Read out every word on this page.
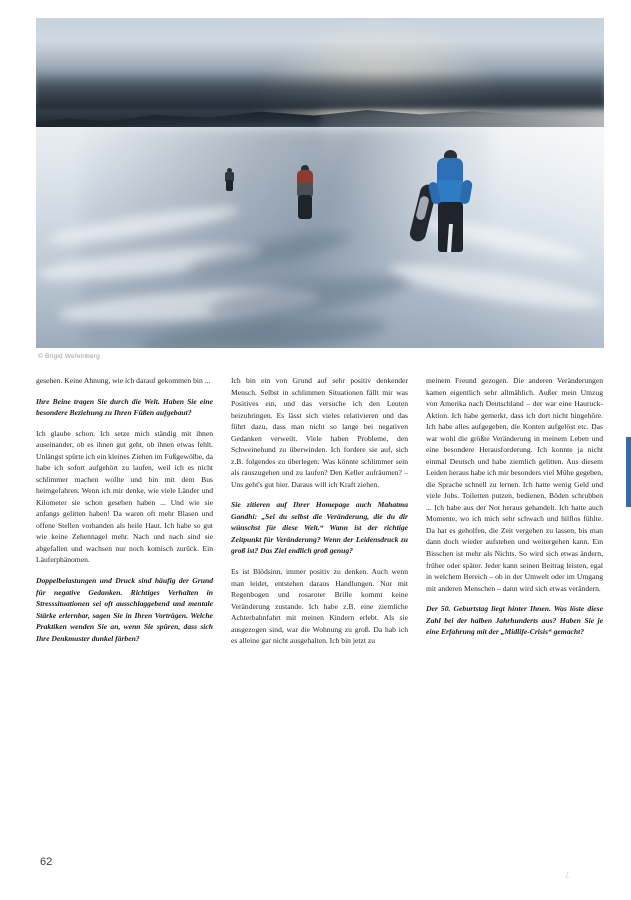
© Brigid Wefelnberg

gesehen. Keine Ahnung, wie ich darauf gekommen bin ...

Ihre Beine tragen Sie durch die Welt. Haben Sie eine besondere Beziehung zu Ihren Füßen aufgebaut?

Ich glaube schon. Ich setze mich ständig mit ihnen auseinander, ob es ihnen gut geht, ob ihnen etwas fehlt. Unlängst spürte ich ein kleines Ziehen im Fußgewölbe, da habe ich sofort aufgehört zu laufen, weil ich es nicht schlimmer machen wollte und bin mit dem Bus heimgefahren. Wenn ich mir denke, wie viele Länder und Kilometer sie schon gesehen haben ... Und wie sie anfangs gelitten haben! Da waren oft mehr Blasen und offene Stellen vorhanden als heile Haut. Ich habe so gut wie keine Zehennagel mehr. Nach und nach sind sie abgefallen und wachsen nur noch komisch zurück. Ein Läuferphänomen.

Doppelbelastungen und Druck sind häufig der Grund für negative Gedanken. Richtiges Verhalten in Stresssituationen sei oft ausschlaggebend und mentale Stärke erlernbar, sagen Sie in Ihren Vorträgen. Welche Praktiken wenden Sie an, wenn Sie spüren, dass sich Ihre Denkmuster dunkel färben?

Ich bin ein von Grund auf sehr positiv denkender Mensch. Selbst in schlimmen Situationen fällt mir was Positives ein, und das versuche ich den Leuten beizubringen. Es lässt sich vieles relativieren und das führt dazu, dass man nicht so lange bei negativen Gedanken verweilt. Viele haben Probleme, den Schweinehund zu überwinden. Ich fordere sie auf, sich z.B. folgendes zu überlegen: Was könnte schlimmer sein als rauszugehen und zu laufen? Den Keller aufräumen? – Uns geht's gut hier. Daraus will ich Kraft ziehen.

Sie zitieren auf Ihrer Homepage auch Mahatma Gandhi: „Sei du selbst die Veränderung, die du dir wünschst für diese Welt.“ Wann ist der richtige Zeitpunkt für Veränderung? Wenn der Leidensdruck zu groß ist? Das Ziel endlich groß genug?

Es ist Blödsinn, immer positiv zu denken. Auch wenn man leidet, entstehen daraus Handlungen. Nur mit Regenbogen und rosaroter Brille kommt keine Veränderung zustande. Ich habe z.B. eine ziemliche Achterbahnfahrt mit meinen Kindern erlebt. Als sie ausgezogen sind, war die Wohnung zu groß. Da hab ich es alleine gar nicht ausgehalten. Ich bin jetzt zu

meinem Freund gezogen. Die anderen Veränderungen kamen eigentlich sehr allmählich. Außer mein Umzug von Amerika nach Deutschland – der war eine Hauruck-Aktion. Ich habe gemerkt, dass ich dort nicht hingehöre. Ich habe alles aufgegeben, die Konten aufgelöst etc. Das war wohl die größte Veränderung in meinem Leben und eine besondere Herausforderung. Ich konnte ja nicht einmal Deutsch und habe ziemlich gelitten. Aus diesem Leiden heraus habe ich mir besonders viel Mühe gegeben, die Sprache schnell zu lernen. Ich hatte wenig Geld und viele Jobs. Toiletten putzen, bedienen, Böden schrubben ... Ich habe aus der Not heraus gehandelt. Ich hatte auch Momente, wo ich mich sehr schwach und hilflos fühlte. Da hat es geholfen, die Zeit vergehen zu lassen, bis man dann doch wieder aufstehen und weitergehen kann. Ein Bisschen ist mehr als Nichts. So wird sich etwas ändern, früher oder später. Jeder kann seinen Beitrag leisten, egal in welchem Bereich – ob in der Umwelt oder im Umgang mit anderen Menschen – dann wird sich etwas verändern.

Der 50. Geburtstag liegt hinter Ihnen. Was löste diese Zahl bei der halben Jahrhunderts aus? Haben Sie je eine Erfahrung mit der „Midlife-Crisis“ gemacht?

62
¿
